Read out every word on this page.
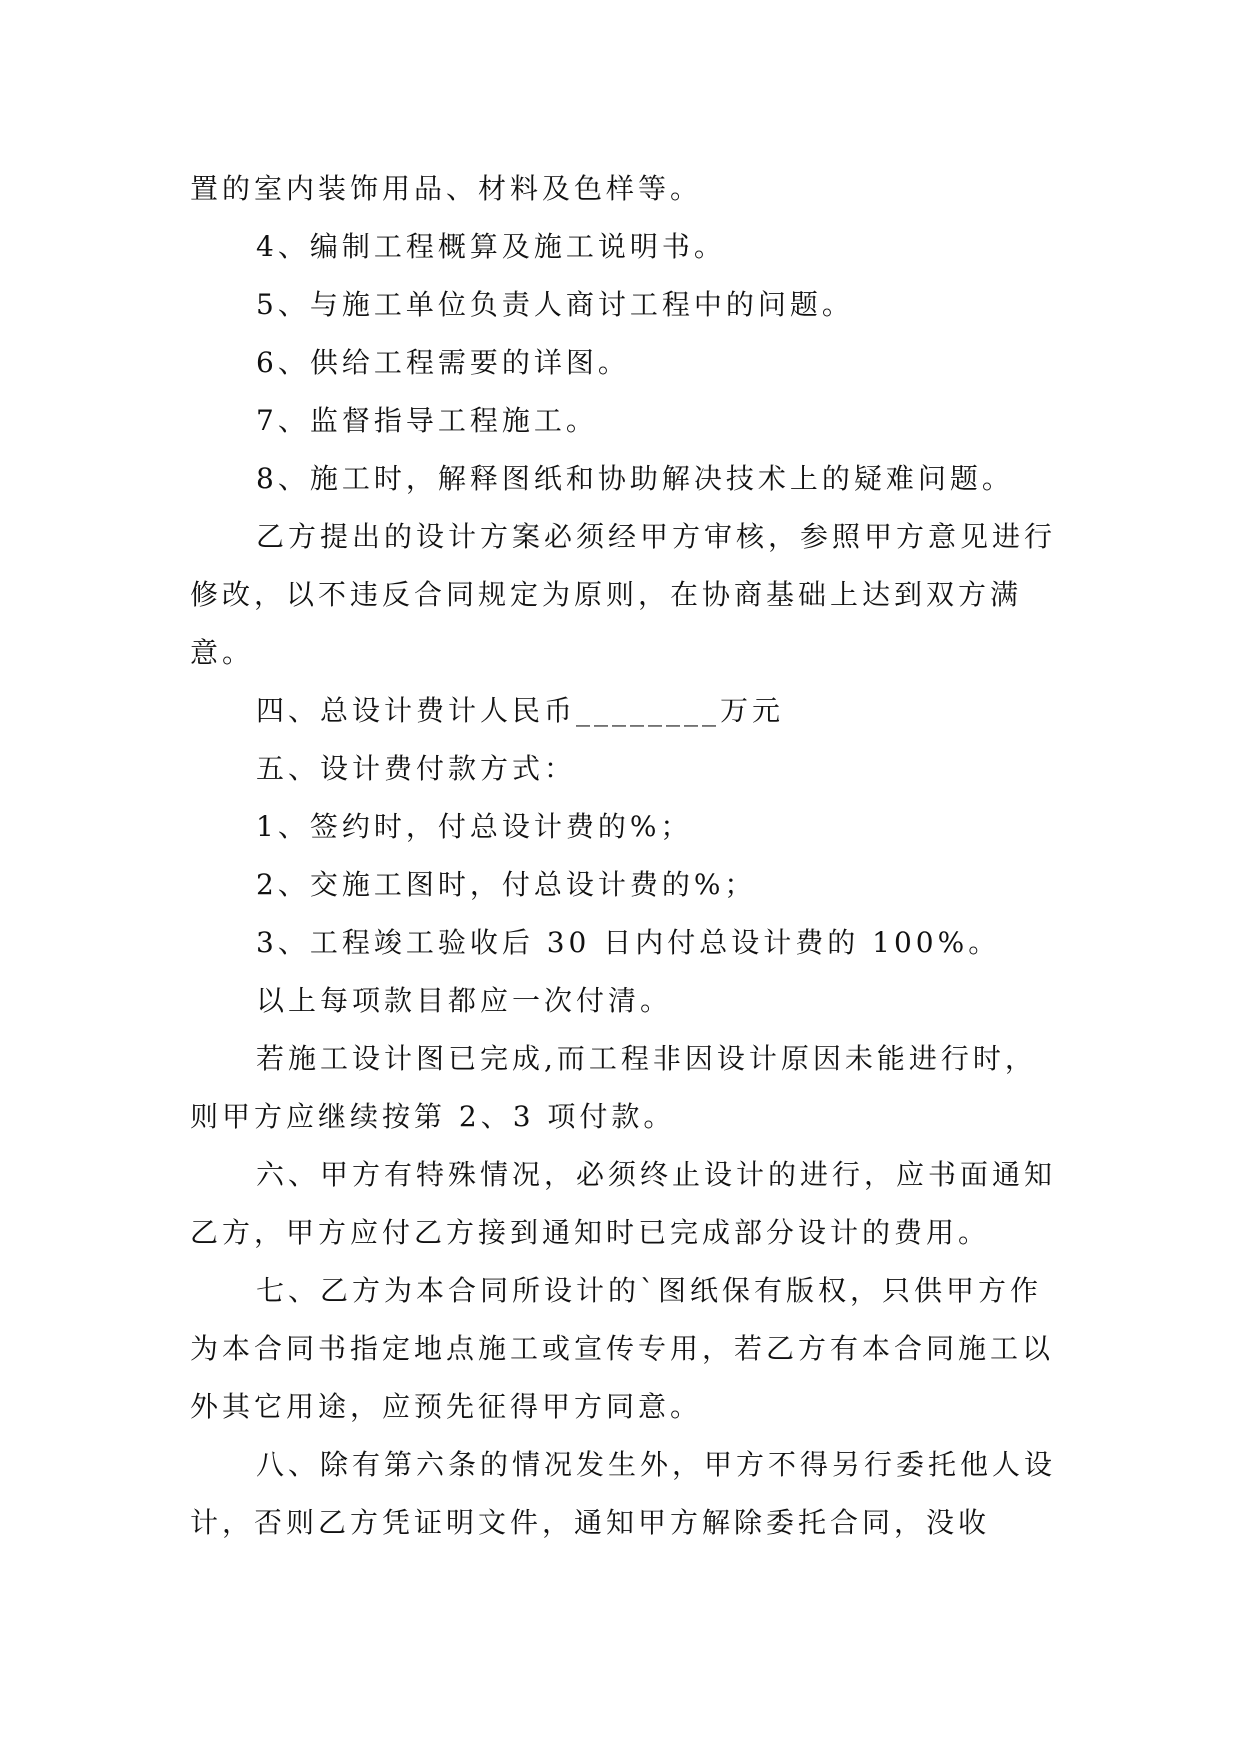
置的室内装饰用品、材料及色样等。

4、编制工程概算及施工说明书。

5、与施工单位负责人商讨工程中的问题。

6、供给工程需要的详图。

7、监督指导工程施工。

8、施工时，解释图纸和协助解决技术上的疑难问题。

乙方提出的设计方案必须经甲方审核，参照甲方意见进行修改，以不违反合同规定为原则，在协商基础上达到双方满意。

四、总设计费计人民币________万元

五、设计费付款方式：

1、签约时，付总设计费的%；

2、交施工图时，付总设计费的%；

3、工程竣工验收后 30 日内付总设计费的 100%。

以上每项款目都应一次付清。

若施工设计图已完成,而工程非因设计原因未能进行时，则甲方应继续按第 2、3 项付款。

六、甲方有特殊情况，必须终止设计的进行，应书面通知乙方，甲方应付乙方接到通知时已完成部分设计的费用。

七、乙方为本合同所设计的`图纸保有版权，只供甲方作为本合同书指定地点施工或宣传专用，若乙方有本合同施工以外其它用途，应预先征得甲方同意。

八、除有第六条的情况发生外，甲方不得另行委托他人设计，否则乙方凭证明文件，通知甲方解除委托合同，没收
